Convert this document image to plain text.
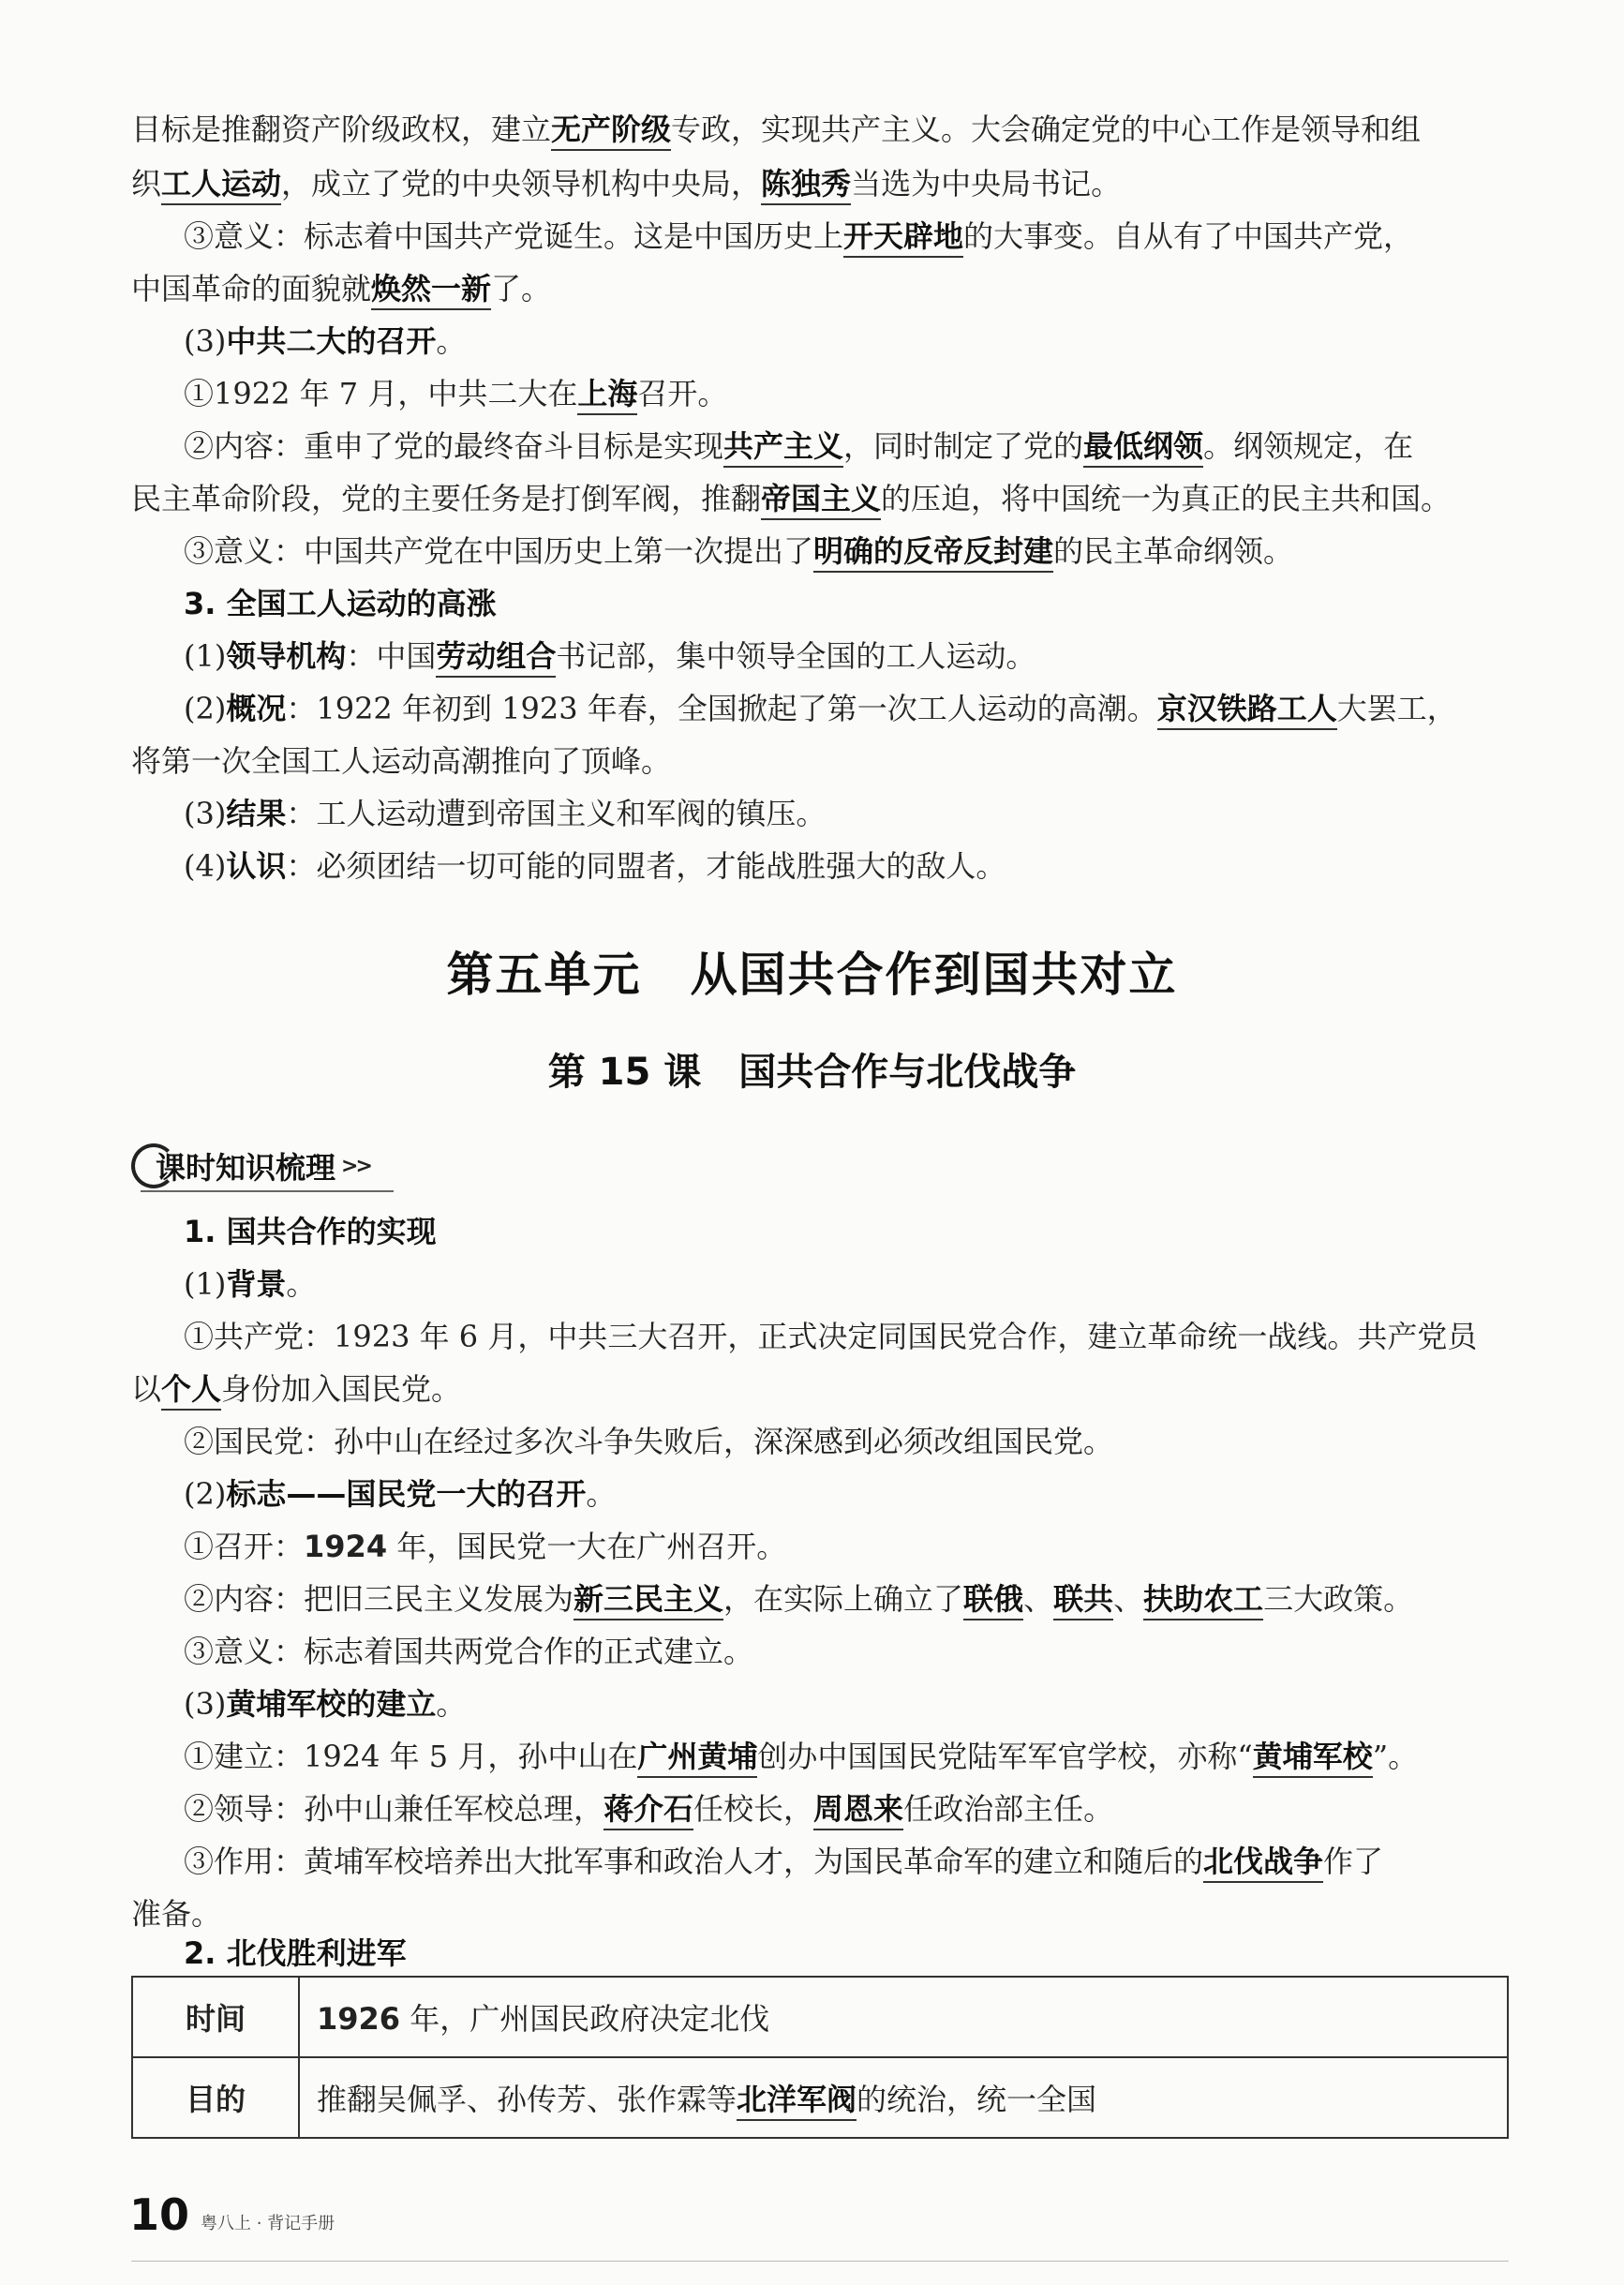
目标是推翻资产阶级政权，建立无产阶级专政，实现共产主义。大会确定党的中心工作是领导和组
织工人运动，成立了党的中央领导机构中央局，陈独秀当选为中央局书记。
③意义：标志着中国共产党诞生。这是中国历史上开天辟地的大事变。自从有了中国共产党，
中国革命的面貌就焕然一新了。
(3)中共二大的召开。
①1922 年 7 月，中共二大在上海召开。
②内容：重申了党的最终奋斗目标是实现共产主义，同时制定了党的最低纲领。纲领规定，在
民主革命阶段，党的主要任务是打倒军阀，推翻帝国主义的压迫，将中国统一为真正的民主共和国。
③意义：中国共产党在中国历史上第一次提出了明确的反帝反封建的民主革命纲领。
3. 全国工人运动的高涨
(1)领导机构：中国劳动组合书记部，集中领导全国的工人运动。
(2)概况：1922 年初到 1923 年春，全国掀起了第一次工人运动的高潮。京汉铁路工人大罢工，
将第一次全国工人运动高潮推向了顶峰。
(3)结果：工人运动遭到帝国主义和军阀的镇压。
(4)认识：必须团结一切可能的同盟者，才能战胜强大的敌人。
第五单元　从国共合作到国共对立
第 15 课　国共合作与北伐战争
课时知识梳理 >>
1. 国共合作的实现
(1)背景。
①共产党：1923 年 6 月，中共三大召开，正式决定同国民党合作，建立革命统一战线。共产党员
以个人身份加入国民党。
②国民党：孙中山在经过多次斗争失败后，深深感到必须改组国民党。
(2)标志——国民党一大的召开。
①召开：1924 年，国民党一大在广州召开。
②内容：把旧三民主义发展为新三民主义，在实际上确立了联俄、联共、扶助农工三大政策。
③意义：标志着国共两党合作的正式建立。
(3)黄埔军校的建立。
①建立：1924 年 5 月，孙中山在广州黄埔创办中国国民党陆军军官学校，亦称“黄埔军校”。
②领导：孙中山兼任军校总理，蒋介石任校长，周恩来任政治部主任。
③作用：黄埔军校培养出大批军事和政治人才，为国民革命军的建立和随后的北伐战争作了
准备。
2. 北伐胜利进军
时间	1926 年，广州国民政府决定北伐
目的	推翻吴佩孚、孙传芳、张作霖等北洋军阀的统治，统一全国
10 粤八上 · 背记手册
